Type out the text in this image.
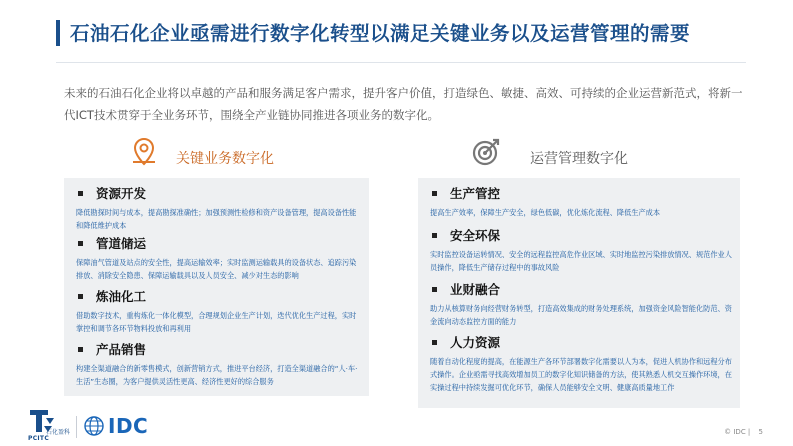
石油石化企业亟需进行数字化转型以满足关键业务以及运营管理的需要

未来的石油石化企业将以卓越的产品和服务满足客户需求，提升客户价值，打造绿色、敏捷、高效、可持续的企业运营新范式，将新一代ICT技术贯穿于全业务环节，围绕全产业链协同推进各项业务的数字化。

关键业务数字化	运营管理数字化
资源开发
降低勘探时间与成本，提高勘探准确性；加强预测性检修和资产设备管理，提高设备性能和降低维护成本
管道储运
保障油气管道及站点的安全性，提高运输效率；实时监测运输载具的设备状态、追踪污染排放、消除安全隐患、保障运输载具以及人员安全、减少对生态的影响
炼油化工
借助数字技术，重构炼化一体化模型，合理规划企业生产计划，迭代优化生产过程，实时掌控和调节各环节物料投放和再利用
产品销售
构建全渠道融合的新零售模式，创新营销方式，推进平台经济，打造全渠道融合的“人·车·生活”生态圈，为客户提供灵活性更高、经济性更好的综合服务
生产管控
提高生产效率，保障生产安全，绿色低碳，优化炼化流程、降低生产成本
安全环保
实时监控设备运转情况、安全的远程监控高危作业区域、实时地监控污染排放情况、规范作业人员操作，降低生产储存过程中的事故风险
业财融合
助力从核算财务向经营财务转型，打造高效集成的财务处理系统，加强资金风险智能化防范、资金流向动态监控方面的能力
人力资源
随着自动化程度的提高，在能源生产各环节部署数字化需要以人为本，促进人机协作和远程分布式操作。企业亟需寻找高效增加员工的数字化知识储备的方法，使其熟悉人机交互操作环境，在实操过程中持续发掘可优化环节，确保人员能够安全文明、健康高质量地工作
石化盈科
PCITC
IDC	© IDC | 5
